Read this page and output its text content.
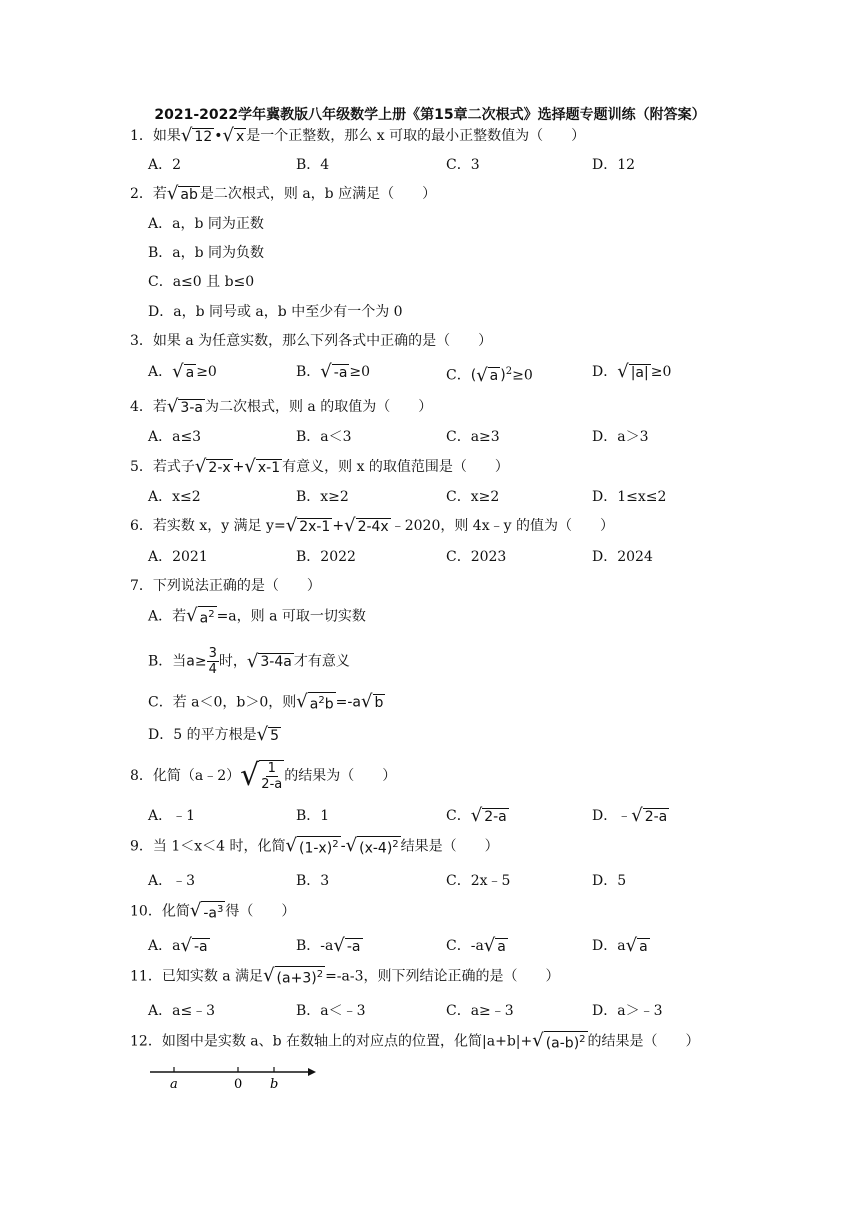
2021-2022学年冀教版八年级数学上册《第15章二次根式》选择题专题训练（附答案）
1．如果√ 12 •√ x 是一个正整数，那么 x 可取的最小正整数值为（　　）
A．2	B．4	C．3	D．12
2．若√ ab 是二次根式，则 a，b 应满足（　　）
A．a，b 同为正数
B．a，b 同为负数
C．a≤0 且 b≤0
D．a，b 同号或 a，b 中至少有一个为 0
3．如果 a 为任意实数，那么下列各式中正确的是（　　）
A．√ a ≥0	B．√ -a ≥0	C．(√ a )$^2$≥0	D．√ |a| ≥0
4．若√ 3-a 为二次根式，则 a 的取值为（　　）
A．a≤3	B．a＜3	C．a≥3	D．a＞3
5．若式子√ 2-x +√ x-1 有意义，则 x 的取值范围是（　　）
A．x≤2	B．x≥2	C．x≥2	D．1≤x≤2
6．若实数 x，y 满足 y=√ 2x-1 +√ 2-4x ﹣2020，则 4x﹣y 的值为（　　）
A．2021	B．2022	C．2023	D．2024
7．下列说法正确的是（　　）
A．若√ $a^2 =a$，则 a 可取一切实数
B．当$a\ge \frac{3}{4}$ 时，√ 3-4a 才有意义
C．若 a＜0，b＞0，则√ $a^2b =-a√$ b
D．5 的平方根是√ 5
8．化简（a﹣2）√ $\frac{1}{2-a}$ 的结果为（　　）
A．﹣1	B．1	C．√ 2-a	D．﹣√ 2-a
9．当 1＜x＜4 时，化简√ $(1-x)^2$ -√ $(x-4)^2$ 结果是（　　）
A．﹣3	B．3	C．2x﹣5	D．5
10．化简√ $-a^3$ 得（　　）
A．a√ -a	B．-a√ -a	C．-a√ a	D．a√ a
11．已知实数 a 满足√ $(a+3)^2 =-a-3$，则下列结论正确的是（　　）
A．a≤﹣3	B．a＜﹣3	C．a≥﹣3	D．a＞﹣3
12．如图中是实数 a、b 在数轴上的对应点的位置，化简|a+b|+√ $(a-b)^2$ 的结果是（　　）
a	0 b
